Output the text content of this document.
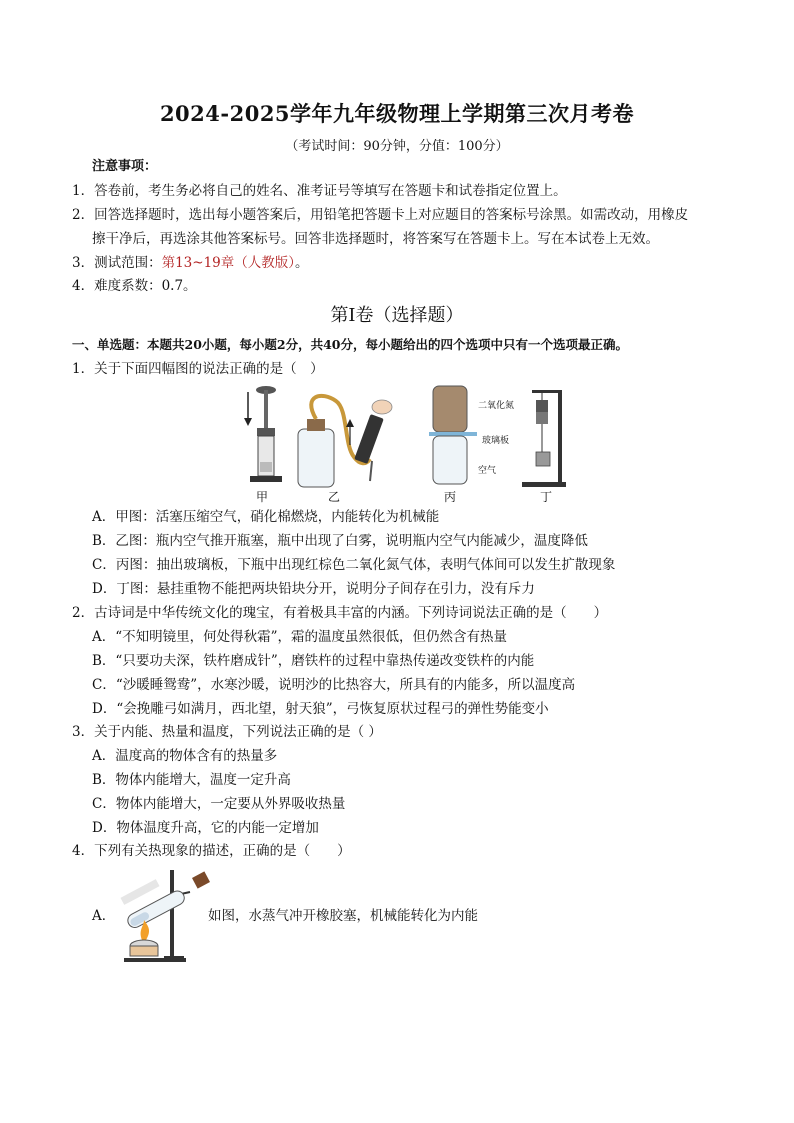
2024-2025学年九年级物理上学期第三次月考卷
（考试时间：90分钟，分值：100分）
注意事项：
1．答卷前，考生务必将自己的姓名、准考证号等填写在答题卡和试卷指定位置上。
2．回答选择题时，选出每小题答案后，用铅笔把答题卡上对应题目的答案标号涂黑。如需改动，用橡皮
擦干净后，再选涂其他答案标号。回答非选择题时，将答案写在答题卡上。写在本试卷上无效。
3．测试范围：第13~19章（人教版）。
4．难度系数：0.7。
第Ⅰ卷（选择题）
一、单选题：本题共20小题，每小题2分，共40分，每小题给出的四个选项中只有一个选项最正确。
1．关于下面四幅图的说法正确的是（　）
甲	乙
二氧化氮
玻璃板
空气
丙	丁
A．甲图：活塞压缩空气，硝化棉燃烧，内能转化为机械能
B．乙图：瓶内空气推开瓶塞，瓶中出现了白雾，说明瓶内空气内能减少，温度降低
C．丙图：抽出玻璃板，下瓶中出现红棕色二氧化氮气体，表明气体间可以发生扩散现象
D．丁图：悬挂重物不能把两块铅块分开，说明分子间存在引力，没有斥力
2．古诗词是中华传统文化的瑰宝，有着极具丰富的内涵。下列诗词说法正确的是（　　）
A．“不知明镜里，何处得秋霜”，霜的温度虽然很低，但仍然含有热量
B．“只要功夫深，铁杵磨成针”，磨铁杵的过程中靠热传递改变铁杵的内能
C．“沙暖睡鸳鸯”，水寒沙暖，说明沙的比热容大，所具有的内能多，所以温度高
D．“会挽雕弓如满月，西北望，射天狼”，弓恢复原状过程弓的弹性势能变小
3．关于内能、热量和温度，下列说法正确的是（ ）
A．温度高的物体含有的热量多
B．物体内能增大，温度一定升高
C．物体内能增大，一定要从外界吸收热量
D．物体温度升高，它的内能一定增加
4．下列有关热现象的描述，正确的是（　　）
A．	如图，水蒸气冲开橡胶塞，机械能转化为内能
